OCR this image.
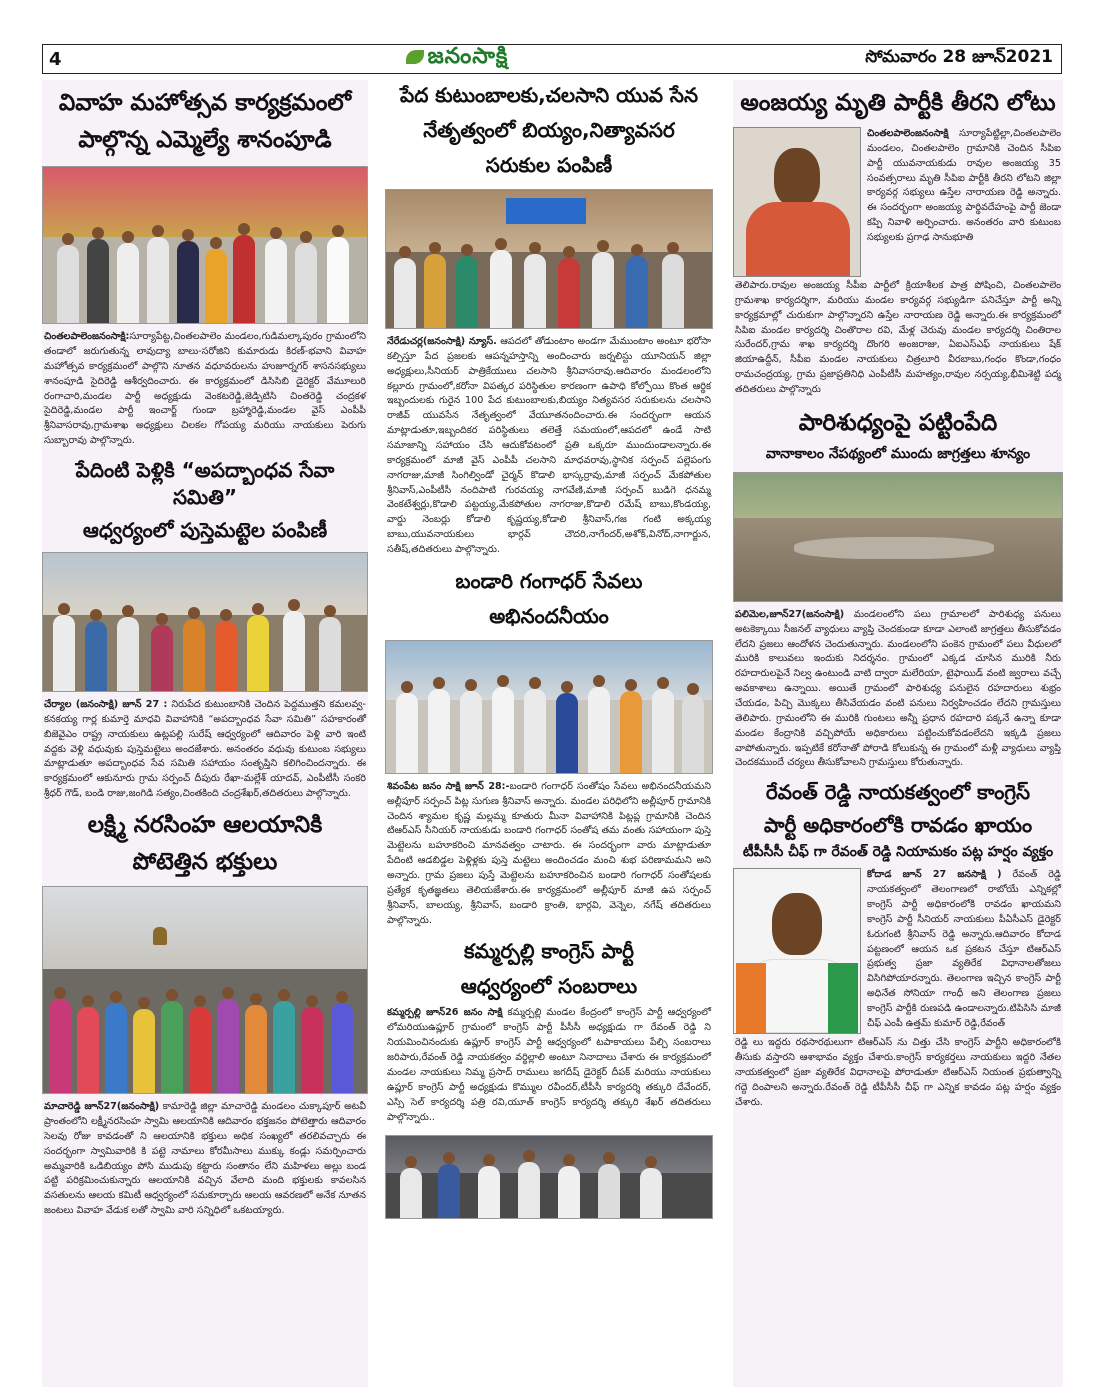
4	జనంసాక్షి	సోమవారం 28 జూన్2021
వివాహ మహోత్సవ కార్యక్రమంలో
పాల్గొన్న ఎమ్మెల్యే శానంపూడి
చింతలపాలెంజనంసాక్షి:సూర్యాపేట్ట,చింతలపాలెం మండలం,గుడిమల్కాపురం గ్రామంలోని తండాలో జరుగుతున్న లావుద్యా బాలు-సరోజిని కుమారుడు కిరణ్-భవాని వివాహ మహోత్సవ కార్యక్రమంలో పాల్గొని నూతన వధూవరులను హుజూర్నగర్ శాసనసభ్యులు శానంపూడి సైదిరెడ్డి ఆశీర్వదించారు. ఈ కార్యక్రమంలో డిసిసిబి డైరెక్టర్ వేమూలురి రంగాచారి,మండల పార్టీ అధ్యక్షుడు వెంకటరెడ్డి,జెడ్పిటిసి చింతరెడ్డి చంద్రకళ సైదిరెడ్డి,మండల పార్టీ ఇంచార్జ్ గుండా బ్రహ్మారెడ్డి,మండల వైస్ ఎంపీపీ శ్రీనివాసరావు,గ్రామశాఖ అధ్యక్షులు చిలకల గోపయ్య మరియు నాయకులు పెరుగు సుబ్బారావు పాల్గొన్నారు.
పేదింటి పెళ్లికి “అపద్బాంధవ సేవా సమితి”
ఆధ్వర్యంలో పుస్తెమట్టెల పంపిణీ
చేర్యాల (జనంసాక్షి) జూన్ 27 : నిరుపేద కుటుంబానికి చెందిన పెద్దముత్తని కమలవ్వ-కనకయ్య గార్ల కుమార్తె మాధవి వివాహానికి “అపద్బాంధవ సేవా సమితి” సహకారంతో బిజెవైఎం రాష్ట్ర నాయకులు ఉట్లపల్లి సురేష్ ఆధ్వర్యంలో ఆదివారం పెళ్లి వారి ఇంటి వద్దకు వెళ్లి వధువుకు పుస్తెమట్టెలు అందజేశారు. అనంతరం వధువు కుటుంబ సభ్యులు మాట్లాడుతూ అపద్బాంధవ సేవ సమితి సహాయం సంతృప్తిని కలిగించిందన్నారు. ఈ కార్యక్రమంలో ఆకునూరు గ్రామ సర్పంచ్ దీపురు రేఖా-మల్లేశ్ యాదవ్, ఎంపీటీసీ సంకరి శ్రీధర్ గౌడ్, బండి రాజు,జంగిడి సత్యం,చింతకింది చంద్రశేఖర్,తదితరులు పాల్గొన్నారు.
లక్ష్మి నరసింహ ఆలయానికి
పోటెత్తిన భక్తులు
మాచారెడ్డి జూన్27(జనంసాక్షి) కామారెడ్డి జిల్లా మాచారెడ్డి మండలం చుక్కాపూర్ అటవీ ప్రాంతంలోని లక్ష్మీనరసింహ స్వామి ఆలయానికి ఆదివారం భక్తజనం పోటెత్తారు ఆదివారం సెలవు రోజు కావడంతో ని ఆలయానికి భక్తులు అధిక సంఖ్యలో తరలివచ్చారు ఈ సందర్భంగా స్వామివారికి కి పట్టె నామాలు కోరమీసాలు ముక్కు కండ్లు సమర్పించారు అమ్మవారికి ఒడిబియ్యం పోసి ముడుపు కట్టారు సంతానం లేని మహిళలు అల్లు బండ పట్టి పరిక్రమించుకున్నారు ఆలయానికి వచ్చిన వేలాది మంది భక్తులకు కావలసిన వసతులను ఆలయ కమిటీ ఆధ్వర్యంలో సమకూర్చారు ఆలయ ఆవరణలో అనేక నూతన జంటలు వివాహ వేడుక లతో స్వామి వారి సన్నిధిలో ఒకటయ్యారు.
పేద కుటుంబాలకు,చలసాని యువ సేన
నేతృత్వంలో బియ్యం,నిత్యావసర
సరుకుల పంపిణీ
నేరేడుచర్ల(జనంసాక్షి) న్యూస్. ఆపదలో తోడుంటాం అండగా మేముంటాం అంటూ భరోసా కల్పిస్తూ పేద ప్రజలకు ఆపన్నహస్తాన్ని అందించారు జర్నలిస్టు యూనియన్ జిల్లా అధ్యక్షులు,సీనియర్ పాత్రికేయులు చలసాని శ్రీనివాసరావు.ఆదివారం మండలంలోని కల్లూరు గ్రామంలో,కరోనా విపత్కర పరిస్థితుల కారణంగా ఉపాధి కోల్పోయి కొంత ఆర్థిక ఇబ్బందులకు గురైన 100 పేద కుటుంబాలకు,బియ్యం నిత్యవసర సరుకులను చలసాని రాజీవ్ యువసేన నేతృత్వంలో వేయూతనందించారు.ఈ సందర్భంగా ఆయన మాట్లాడుతూ,ఇబ్బందికర పరిస్థితులు తలెత్తే సమయంలో,ఆపదలో ఉండే సాటి సమాజాన్ని సహాయం చేసి ఆదుకోవటంలో ప్రతి ఒక్కరూ ముందుండాలన్నారు.ఈ కార్యక్రమంలో మాజీ వైస్ ఎంపీపీ చలసాని మాధవరావు,స్థానిక సర్పంచ్ పల్లెపంగు నాగరాజు,మాజీ సింగిల్విండో చైర్మన్ కొడాలి భాస్కర్రావు,మాజీ సర్పంచ్ మేకపోతుల శ్రీనివాస్,ఎంపీటీసీ నందిపాటి గురవయ్య నాగవేణి,మాజీ సర్పంచ్ బుడిగె ధనమ్మ వెంకటేశ్వర్లు,కొడాలి పట్టయ్య,మేకపోతుల నాగరాజు,కొడాలి రమేష్ బాబు,కొండయ్య, వార్డు నెంబర్లు కోడాలి కృష్ణయ్య,కోడాలి శ్రీనివాస్,గజ గంటి అక్కయ్య బాబు,యువనాయకులు భార్గవ్ చౌదరి,నాగేందర్,అశోక్,వినోద్,నాగార్జున, సతీష్,తదితరులు పాల్గొన్నారు.
బండారి గంగాధర్ సేవలు
అభినందనీయం
శివంపేట జనం సాక్షి జూన్ 28:-బండారి గంగాధర్ సంతోషం సేవలు అభినందనీయమని అల్లీపూర్ సర్పంచ్ పిట్ల సుగుణ శ్రీనివాస్ అన్నారు. మండల పరిధిలోని అల్లీపూర్ గ్రామానికి చెందిన శ్యామల కృష్ణ మల్లమ్మ కూతురు మీనా వివాహానికి పిట్లప్ల గ్రామానికి చెందిన టిఆర్ఎస్ సీనియర్ నాయకుడు బండారి గంగాధర్ సంతోష తమ వంతు సహాయంగా పుస్తె మెట్టెలను బహూకరించి మానవత్వం చాటారు. ఈ సందర్భంగా వారు మాట్లాడుతూ పేదింటి ఆడబిడ్డల పెళ్లిళ్లకు పుస్తె మట్టెలు అందించడం మంచి శుభ పరిణామమని అని అన్నారు. గ్రామ ప్రజలు పుస్తే మెట్టెలను బహూకరించిన బండారి గంగాధర్ సంతోషలకు ప్రత్యేక కృతజ్ఞతలు తెలియజేశారు.ఈ కార్యక్రమంలో అల్లీపూర్ మాజీ ఉప సర్పంచ్ శ్రీనివాస్, బాలయ్య, శ్రీనివాస్, బండారి క్రాంతి, భార్గవి, వెన్నెల, నగేష్ తదితరులు పాల్గొన్నారు.
కమ్మర్పల్లి కాంగ్రెస్ పార్టీ
ఆధ్వర్యంలో సంబరాలు
కమ్మర్పల్లి జూన్26 జనం సాక్షి కమ్మర్పల్లి మండల కేంద్రంలో కాంగ్రెస్ పార్టీ ఆధ్వర్యంలో లోమరియుఉప్లూర్ గ్రామంలో కాంగ్రెస్ పార్టీ పీసీసీ అధ్యక్షుడు గా రేవంత్ రెడ్డి ని నియమించినందుకు ఉప్లూర్ కాంగ్రెస్ పార్టీ ఆధ్వర్యంలో టపాకాయలు పేల్చి సంబరాలు జరిపారు,రేవంత్ రెడ్డి నాయకత్వం వర్థిల్లాలి అంటూ నినాదాలు చేశారు ఈ కార్యక్రమంలో మండల నాయకులు నిమ్మ ప్రసాద్ రాములు జగదీష్ డైరెక్టర్ దీపక్ మరియు నాయకులు ఉప్లూర్ కాంగ్రెస్ పార్టీ అధ్యక్షుడు కొమ్ముల రవీందర్,టీపీసీ కార్యదర్శి తక్కురి దేవేందర్, ఎస్సి సెల్ కార్యదర్శి పత్రి రవి,యూత్ కాంగ్రెస్ కార్యదర్శి తక్కురి శేఖర్ తదితరులు పాల్గొన్నారు..
అంజయ్య మృతి పార్టీకి తీరని లోటు
చింతలపాలెంజనంసాక్షి సూర్యాపేట్జిల్లా,చింతలపాలెం మండలం, చింతలపాలెం గ్రామానికి చెందిన సీపిఐ పార్టీ యువనాయకుడు రావుల అంజయ్య 35 సంవత్సరాలు మృతి సీపిఐ పార్టీకి తీరని లోటని జిల్లా కార్యవర్గ సభ్యులు ఉస్తేల నారాయణ రెడ్డి అన్నారు. ఈ సందర్భంగా అంజయ్య పార్థివదేహంపై పార్టీ జెండా కప్పి నివాళి అర్పించారు. అనంతరం వారి కుటుంబ సభ్యులకు ప్రగాఢ సానుభూతి
తెలిపారు.రావుల అంజయ్య సీపీఐ పార్టీలో క్రియాశీలక పాత్ర పోషించి, చింతలపాలెం గ్రామశాఖ కార్యదర్శిగా, మరియు మండల కార్యవర్గ సభ్యుడిగా పనిచేస్తూ పార్టీ అన్ని కార్యక్రమాల్లో చురుకుగా పాల్గొన్నారని ఉస్తేల నారాయణ రెడ్డి అన్నారు.ఈ కార్యక్రమంలో సిపిఐ మండల కార్యదర్శి చింతొరాల రవి, మేళ్ల చెరువు మండల కార్యదర్శి చింతిరాల సురేందర్,గ్రామ శాఖ కార్యదర్శి దొంగరి అంజరాజు, ఏఐఎస్ఎఫ్ నాయకులు షేక్ జియాఉద్దీన్, సీపీఐ మండల నాయకులు చిత్రలూరి వీరబాబు,గంధం కొండా,గంధం రామచంద్రయ్య, గ్రామ ప్రజాప్రతినిధి ఎంపీటీసీ మహత్యం,రావుల నర్సయ్య,భీమిశెట్టి పద్మ తదితరులు పాల్గొన్నారు
పారిశుధ్యంపై పట్టింపేది
వానాకాలం నేపథ్యంలో ముందు జాగ్రత్తలు శూన్యం
పలిమెల,జూన్27(జనంసాక్షి) మండలంలోని పలు గ్రామాలలో పారిశుధ్య పనులు అటకెక్కాయి సీజనల్ వ్యాధులు వ్యాప్తి చెందకుండా కూడా ఎలాంటి జాగ్రత్తలు తీసుకోవడం లేదని ప్రజలు ఆందోళన చెందుతున్నారు. మండలంలోని పంకెన గ్రామంలో పలు వీధులలో మురికి కాలువలు ఇందుకు నిదర్శనం. గ్రామంలో ఎక్కడ చూసిన మురికి నీరు రహదారులపైనే నిల్వ ఉంటుండి వాటి ద్వారా మలేరియా, టైఫాయిడ్ వంటి జ్వరాలు వచ్చే అవకాశాలు ఉన్నాయి. అయితే గ్రామంలో పారిశుధ్య పనులైన రహదారులు శుభ్రం చేయడం, పిచ్చి మొక్కలు తీసివేయడం వంటి పనులు నిర్వహించడం లేదని గ్రామస్తులు తెలిపారు. గ్రామంలోని ఈ మురికి గుంటలు అన్నీ ప్రధాన రహదారి పక్కనే ఉన్నా కూడా మండల కేంద్రానికి వచ్చిపోయే అధికారులు పట్టించుకోవడంలేదని ఇక్కడి ప్రజలు వాపోతున్నారు. ఇప్పటికే కరోనాతో పోరాడి కోలుకున్న ఈ గ్రామంలో మళ్లీ వ్యాధులు వ్యాప్తి చెందకముందే చర్యలు తీసుకోవాలని గ్రామస్తులు కోరుతున్నారు.
రేవంత్ రెడ్డి నాయకత్వంలో కాంగ్రెస్
పార్టీ అధికారంలోకి రావడం ఖాయం
టీపీసీసీ చీఫ్ గా రేవంత్ రెడ్డి నియామకం పట్ల హర్షం వ్యక్తం
కోదాడ జూన్ 27 జనసాక్షి ) రేవంత్ రెడ్డి నాయకత్వంలో తెలంగాణలో రాబోయే ఎన్నికల్లో కాంగ్రెస్ పార్టీ అధికారంలోకి రావడం ఖాయమని కాంగ్రెస్ పార్టీ సీనియర్ నాయకులు పీఏసీఎస్ డైరెక్టర్ ఓరుగంటి శ్రీనివాస్ రెడ్డి అన్నారు.ఆదివారం కోదాడ పట్టణంలో ఆయన ఒక ప్రకటన చేస్తూ టిఆర్ఎస్ ప్రభుత్వ ప్రజా వ్యతిరేక విధానాలతోజలు విసిగిపోయారన్నారు. తెలంగాణ ఇచ్చిన కాంగ్రెస్ పార్టీ అధినేత సోనియా గాంధీ అని తెలంగాణ ప్రజలు కాంగ్రెస్ పార్టీకి రుణపడి ఉండాలన్నారు.టిపిసిసి మాజీ చీఫ్ ఎంపీ ఉత్తమ్ కుమార్ రెడ్డి,రేవంత్
రెడ్డి లు ఇద్దరు రథసారథులుగా టిఆర్ఎస్ ను చిత్తు చేసి కాంగ్రెస్ పార్టీని అధికారంలోకి తీసుకు వస్తారని ఆశాభావం వ్యక్తం చేశారు.కాంగ్రెస్ కార్యకర్తలు నాయకులు ఇద్దరి నేతల నాయకత్వంలో ప్రజా వ్యతిరేక విధానాలపై పోరాడుతూ టిఆర్ఎస్ నియంత ప్రభుత్వాన్ని గద్దె దింపాలని అన్నారు.రేవంత్ రెడ్డి టీపీసీసీ చీఫ్ గా ఎన్నిక కావడం పట్ల హర్షం వ్యక్తం చేశారు.
